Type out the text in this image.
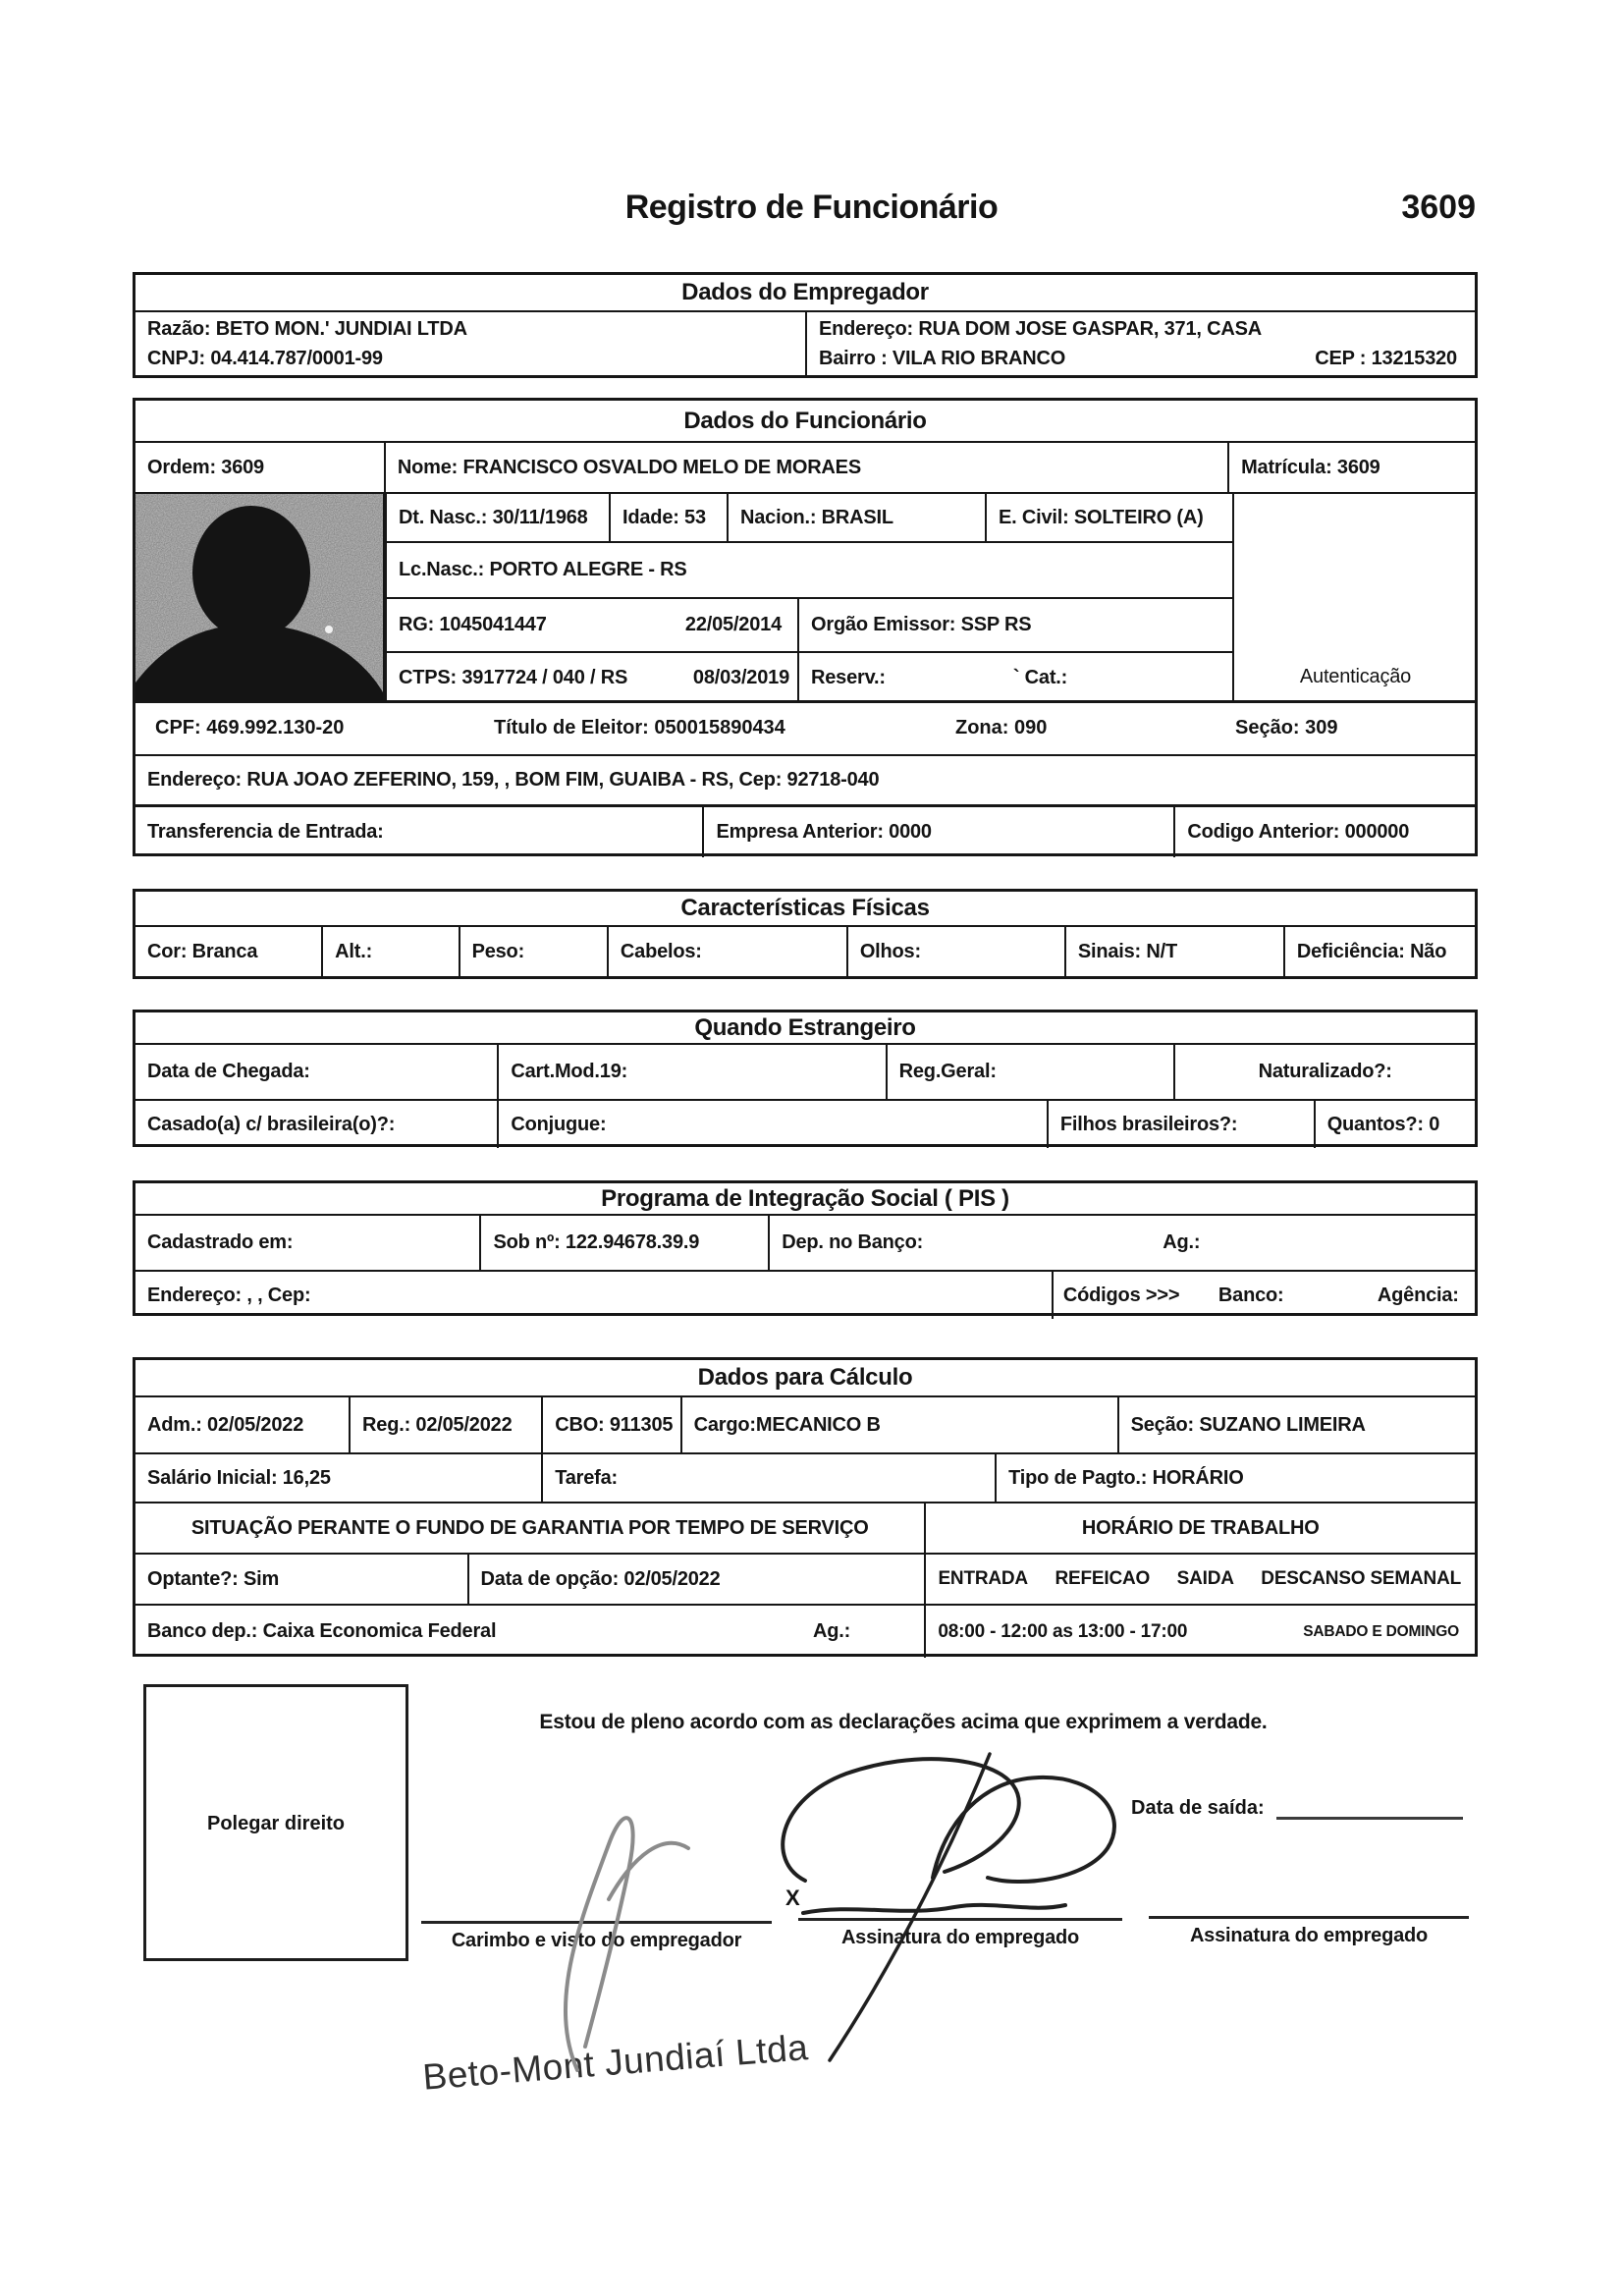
Registro de Funcionário	3609
Dados do Empregador
Razão: BETO MON.' JUNDIAI LTDA
CNPJ: 04.414.787/0001-99
Endereço: RUA DOM JOSE GASPAR, 371, CASA
Bairro : VILA RIO BRANCO	CEP : 13215320
Dados do Funcionário
Ordem: 3609	Nome: FRANCISCO OSVALDO MELO DE MORAES	Matrícula: 3609
Dt. Nasc.: 30/11/1968	Idade: 53	Nacion.: BRASIL	E. Civil: SOLTEIRO (A)
Lc.Nasc.: PORTO ALEGRE - RS
RG: 1045041447	22/05/2014	Orgão Emissor: SSP RS
CTPS: 3917724 / 040 / RS	08/03/2019	Reserv.:	` Cat.:	Autenticação
CPF: 469.992.130-20	Título de Eleitor: 050015890434	Zona: 090	Seção: 309
Endereço: RUA JOAO ZEFERINO, 159, , BOM FIM, GUAIBA - RS, Cep: 92718-040
Transferencia de Entrada:	Empresa Anterior: 0000	Codigo Anterior: 000000
Características Físicas
Cor: Branca	Alt.:	Peso:	Cabelos:	Olhos:	Sinais: N/T	Deficiência: Não
Quando Estrangeiro
Data de Chegada:	Cart.Mod.19:	Reg.Geral:	Naturalizado?:
Casado(a) c/ brasileira(o)?:	Conjugue:	Filhos brasileiros?:	Quantos?: 0
Programa de Integração Social ( PIS )
Cadastrado em:	Sob nº: 122.94678.39.9	Dep. no Banço:	Ag.:
Endereço: , , Cep:	Códigos >>> Banco:	Agência:
Dados para Cálculo
Adm.: 02/05/2022	Reg.: 02/05/2022	CBO: 911305	Cargo:MECANICO B	Seção: SUZANO LIMEIRA
Salário Inicial: 16,25	Tarefa:	Tipo de Pagto.: HORÁRIO
SITUAÇÃO PERANTE O FUNDO DE GARANTIA POR TEMPO DE SERVIÇO	HORÁRIO DE TRABALHO
Optante?: Sim	Data de opção: 02/05/2022	ENTRADA REFEICAO SAIDA DESCANSO SEMANAL
Banco dep.: Caixa Economica Federal	Ag.:	08:00 - 12:00 as 13:00 - 17:00	SABADO E DOMINGO
Estou de pleno acordo com as declarações acima que exprimem a verdade.
Polegar direito
Data de saída:
X
Carimbo e visto do empregador	Assinatura do empregado	Assinatura do empregado
Beto-Mont Jundiaí Ltda
